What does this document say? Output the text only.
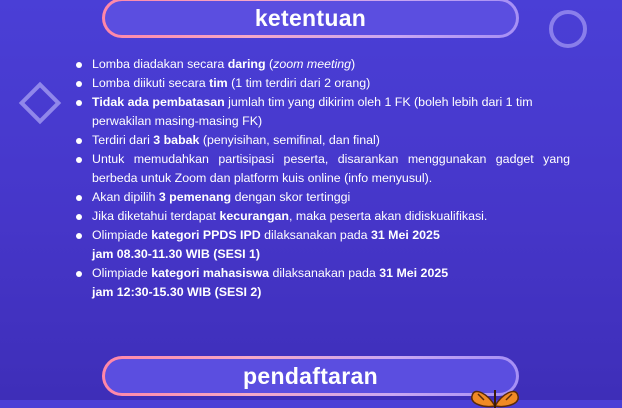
ketentuan
Lomba diadakan secara daring (zoom meeting)
Lomba diikuti secara tim (1 tim terdiri dari 2 orang)
Tidak ada pembatasan jumlah tim yang dikirim oleh 1 FK (boleh lebih dari 1 tim perwakilan masing-masing FK)
Terdiri dari 3 babak (penyisihan, semifinal, dan final)
Untuk memudahkan partisipasi peserta, disarankan menggunakan gadget yang berbeda untuk Zoom dan platform kuis online (info menyusul).
Akan dipilih 3 pemenang dengan skor tertinggi
Jika diketahui terdapat kecurangan, maka peserta akan didiskualifikasi.
Olimpiade kategori PPDS IPD dilaksanakan pada 31 Mei 2025
jam 08.30-11.30 WIB (SESI 1)
Olimpiade kategori mahasiswa dilaksanakan pada 31 Mei 2025
jam 12:30-15.30 WIB (SESI 2)
pendaftaran
